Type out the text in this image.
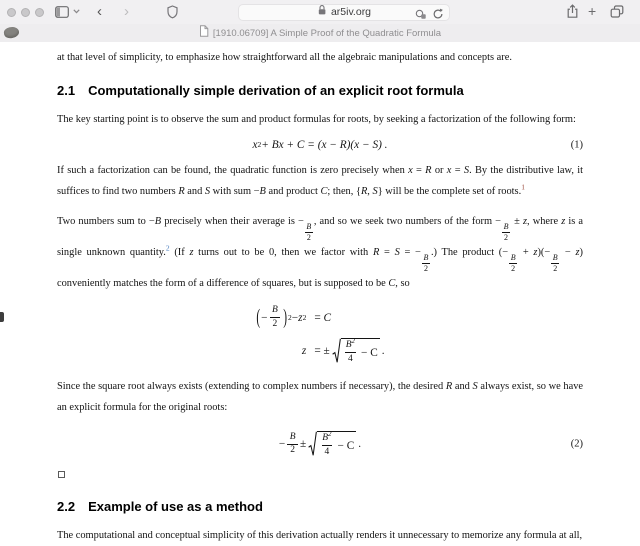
‹ ›	ar5iv.org	+
[1910.06709] A Simple Proof of the Quadratic Formula

at that level of simplicity, to emphasize how straightforward all the algebraic manipulations and concepts are.

2.1 Computationally simple derivation of an explicit root formula

The key starting point is to observe the sum and product formulas for roots, by seeking a factorization of the following form:

x 2 + Bx + C = (x − R)(x − S) .	(1)

If such a factorization can be found, the quadratic function is zero precisely when x = R or x = S. By the distributive law, it suffices to find two numbers R and S with sum −B and product C; then, {R, S} will be the complete set of roots.$^1$

Two numbers sum to −B precisely when their average is −
$\frac{B}{2}$
, and so we seek two numbers of the form −
$\frac{B}{2}$
± z, where z is a single unknown quantity.$^2$ (If z turns out to be 0, then we factor with R = S = −
$\frac{B}{2}$
.) The product (−
$\frac{B}{2}$
+ z)(−
$\frac{B}{2}$
− z) conveniently matches the form of a difference of squares, but is supposed to be C, so

( − $\frac{B}{2}$ ) 2 − z 2 =
C
z = ± $B^2$
4
− C .

Since the square root always exists (extending to complex numbers if necessary), the desired R and S always exist, so we have an explicit formula for the original roots:

− $\frac{B}{2} \pm B^2$
4
− C .	(2)
2.2 Example of use as a method

The computational and conceptual simplicity of this derivation actually renders it unnecessary to memorize any formula at all,
